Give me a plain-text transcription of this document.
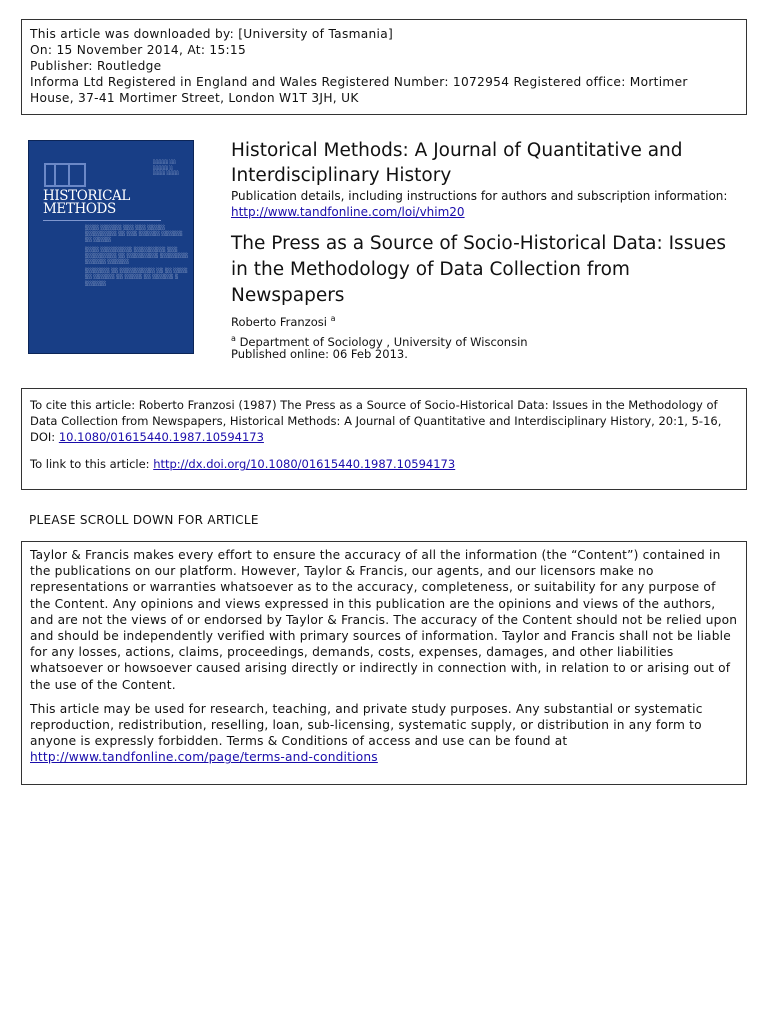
This article was downloaded by: [University of Tasmania]
On: 15 November 2014, At: 15:15
Publisher: Routledge
Informa Ltd Registered in England and Wales Registered Number: 1072954 Registered office: Mortimer
House, 37-41 Mortimer Street, London W1T 3JH, UK
░░░░░ ░░
░░░░░ ░
░░░░ ░░░░
HISTORICAL
METHODS

░░░░ ░░░░░░ ░░░ ░░░ ░░░░░ ░░░░░░░░░ ░░ ░░░ ░░░░░░ ░░░░░░ ░░ ░░░░░

░░░░ ░░░░░░░░░ ░░░░░░░░░ ░░░ ░░░░░░░░░ ░░ ░░░░░░░░░ ░░░░░░░░ ░░░░░░ ░░░░░░

░░░░░░░ ░░ ░░░░░░░░░░ ░░ ░░ ░░░░ ░░ ░░░░░░ ░░ ░░░░░ ░░ ░░░░░░ ░ ░░░░░░

Historical Methods: A Journal of Quantitative and Interdisciplinary History
Publication details, including instructions for authors and subscription information:
http://www.tandfonline.com/loi/vhim20
The Press as a Source of Socio-Historical Data: Issues in the Methodology of Data Collection from Newspapers
Roberto Franzosi $^a$
$^a$ Department of Sociology , University of Wisconsin
Published online: 06 Feb 2013.

To cite this article: Roberto Franzosi (1987) The Press as a Source of Socio-Historical Data: Issues in the Methodology of Data Collection from Newspapers, Historical Methods: A Journal of Quantitative and Interdisciplinary History, 20:1, 5-16, DOI: 10.1080/01615440.1987.10594173

To link to this article: http://dx.doi.org/10.1080/01615440.1987.10594173

PLEASE SCROLL DOWN FOR ARTICLE

Taylor & Francis makes every effort to ensure the accuracy of all the information (the “Content”) contained in the publications on our platform. However, Taylor & Francis, our agents, and our licensors make no representations or warranties whatsoever as to the accuracy, completeness, or suitability for any purpose of the Content. Any opinions and views expressed in this publication are the opinions and views of the authors, and are not the views of or endorsed by Taylor & Francis. The accuracy of the Content should not be relied upon and should be independently verified with primary sources of information. Taylor and Francis shall not be liable for any losses, actions, claims, proceedings, demands, costs, expenses, damages, and other liabilities whatsoever or howsoever caused arising directly or indirectly in connection with, in relation to or arising out of the use of the Content.

This article may be used for research, teaching, and private study purposes. Any substantial or systematic reproduction, redistribution, reselling, loan, sub-licensing, systematic supply, or distribution in any form to anyone is expressly forbidden. Terms & Conditions of access and use can be found at http://www.tandfonline.com/page/terms-and-conditions
